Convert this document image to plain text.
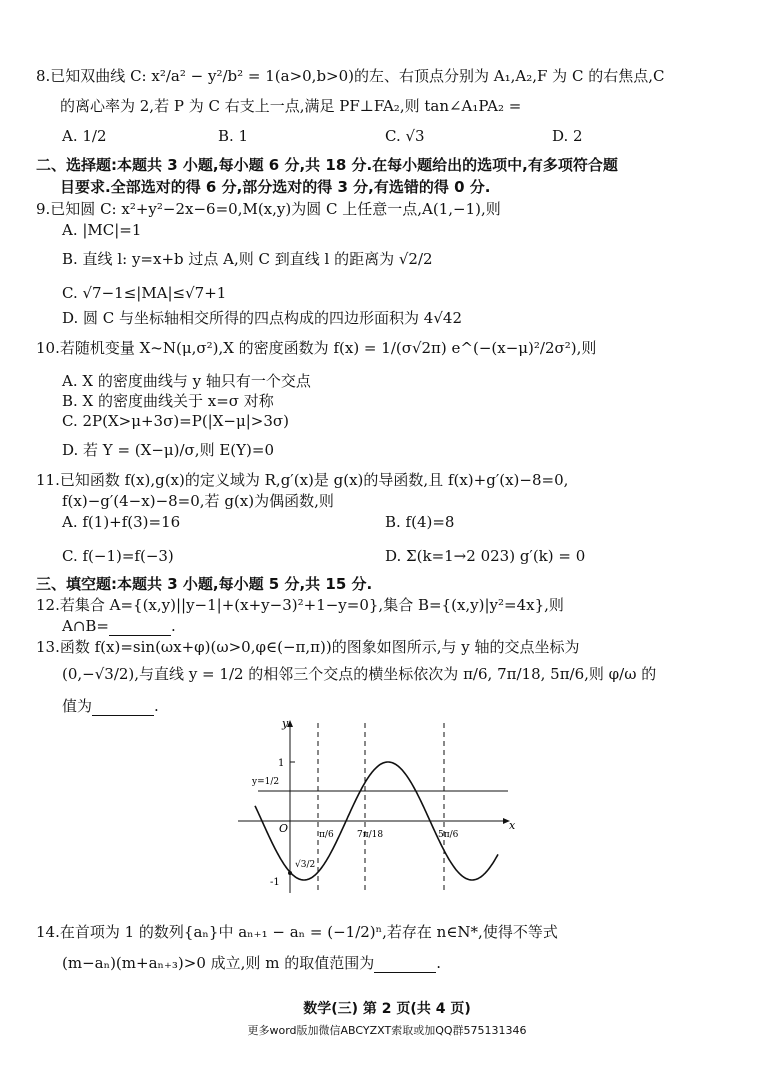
8.已知双曲线 C: x²/a² − y²/b² = 1(a>0,b>0)的左、右顶点分别为 A₁,A₂,F 为 C 的右焦点,C
的离心率为 2,若 P 为 C 右支上一点,满足 PF⊥FA₂,则 tan∠A₁PA₂ =
A. 1/2	B. 1	C. √3	D. 2
二、选择题:本题共 3 小题,每小题 6 分,共 18 分.在每小题给出的选项中,有多项符合题
目要求.全部选对的得 6 分,部分选对的得 3 分,有选错的得 0 分.
9.已知圆 C: x²+y²−2x−6=0,M(x,y)为圆 C 上任意一点,A(1,−1),则
A. |MC|=1
B. 直线 l: y=x+b 过点 A,则 C 到直线 l 的距离为 √2/2
C. √7−1≤|MA|≤√7+1
D. 圆 C 与坐标轴相交所得的四点构成的四边形面积为 4√42
10.若随机变量 X~N(μ,σ²),X 的密度函数为 f(x) = 1/(σ√2π) e^(−(x−μ)²/2σ²),则
A. X 的密度曲线与 y 轴只有一个交点
B. X 的密度曲线关于 x=σ 对称
C. 2P(X>μ+3σ)=P(|X−μ|>3σ)
D. 若 Y = (X−μ)/σ,则 E(Y)=0
11.已知函数 f(x),g(x)的定义域为 R,g′(x)是 g(x)的导函数,且 f(x)+g′(x)−8=0,
f(x)−g′(4−x)−8=0,若 g(x)为偶函数,则
A. f(1)+f(3)=16	B. f(4)=8
C. f(−1)=f(−3)	D. Σ(k=1→2 023) g′(k) = 0
三、填空题:本题共 3 小题,每小题 5 分,共 15 分.
12.若集合 A={(x,y)||y−1|+(x+y−3)²+1−y=0},集合 B={(x,y)|y²=4x},则
A∩B=	.
13.函数 f(x)=sin(ωx+φ)(ω>0,φ∈(−π,π))的图象如图所示,与 y 轴的交点坐标为
(0,−√3/2),与直线 y = 1/2 的相邻三个交点的横坐标依次为 π/6, 7π/18, 5π/6,则 φ/ω 的
值为	.
y
x
O
1
-1
y=1/2
π/6	7π/18	5π/6
√3/2
14.在首项为 1 的数列{aₙ}中 aₙ₊₁ − aₙ = (−1/2)ⁿ,若存在 n∈N*,使得不等式
(m−aₙ)(m+aₙ₊₃)>0 成立,则 m 的取值范围为	.
数学(三) 第 2 页(共 4 页)
更多word版加微信ABCYZXT索取或加QQ群575131346
